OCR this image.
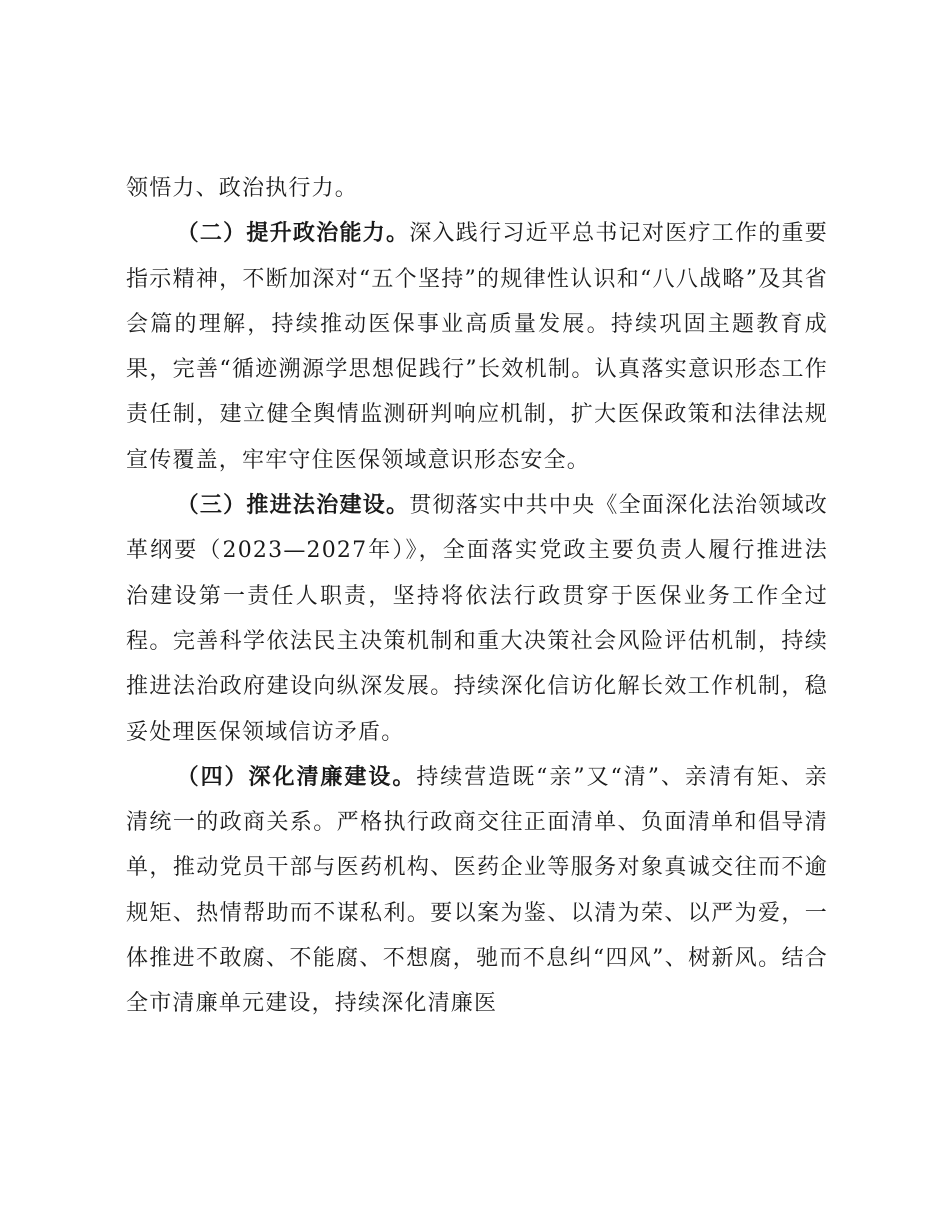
领悟力、政治执行力。

（二）提升政治能力。深入践行习近平总书记对医疗工作的重要指示精神，不断加深对“五个坚持”的规律性认识和“八八战略”及其省会篇的理解，持续推动医保事业高质量发展。持续巩固主题教育成果，完善“循迹溯源学思想促践行”长效机制。认真落实意识形态工作责任制，建立健全舆情监测研判响应机制，扩大医保政策和法律法规宣传覆盖，牢牢守住医保领域意识形态安全。

（三）推进法治建设。贯彻落实中共中央《全面深化法治领域改革纲要（2023—2027年）》，全面落实党政主要负责人履行推进法治建设第一责任人职责，坚持将依法行政贯穿于医保业务工作全过程。完善科学依法民主决策机制和重大决策社会风险评估机制，持续推进法治政府建设向纵深发展。持续深化信访化解长效工作机制，稳妥处理医保领域信访矛盾。

（四）深化清廉建设。持续营造既“亲”又“清”、亲清有矩、亲清统一的政商关系。严格执行政商交往正面清单、负面清单和倡导清单，推动党员干部与医药机构、医药企业等服务对象真诚交往而不逾规矩、热情帮助而不谋私利。要以案为鉴、以清为荣、以严为爱，一体推进不敢腐、不能腐、不想腐，驰而不息纠“四风”、树新风。结合全市清廉单元建设，持续深化清廉医
